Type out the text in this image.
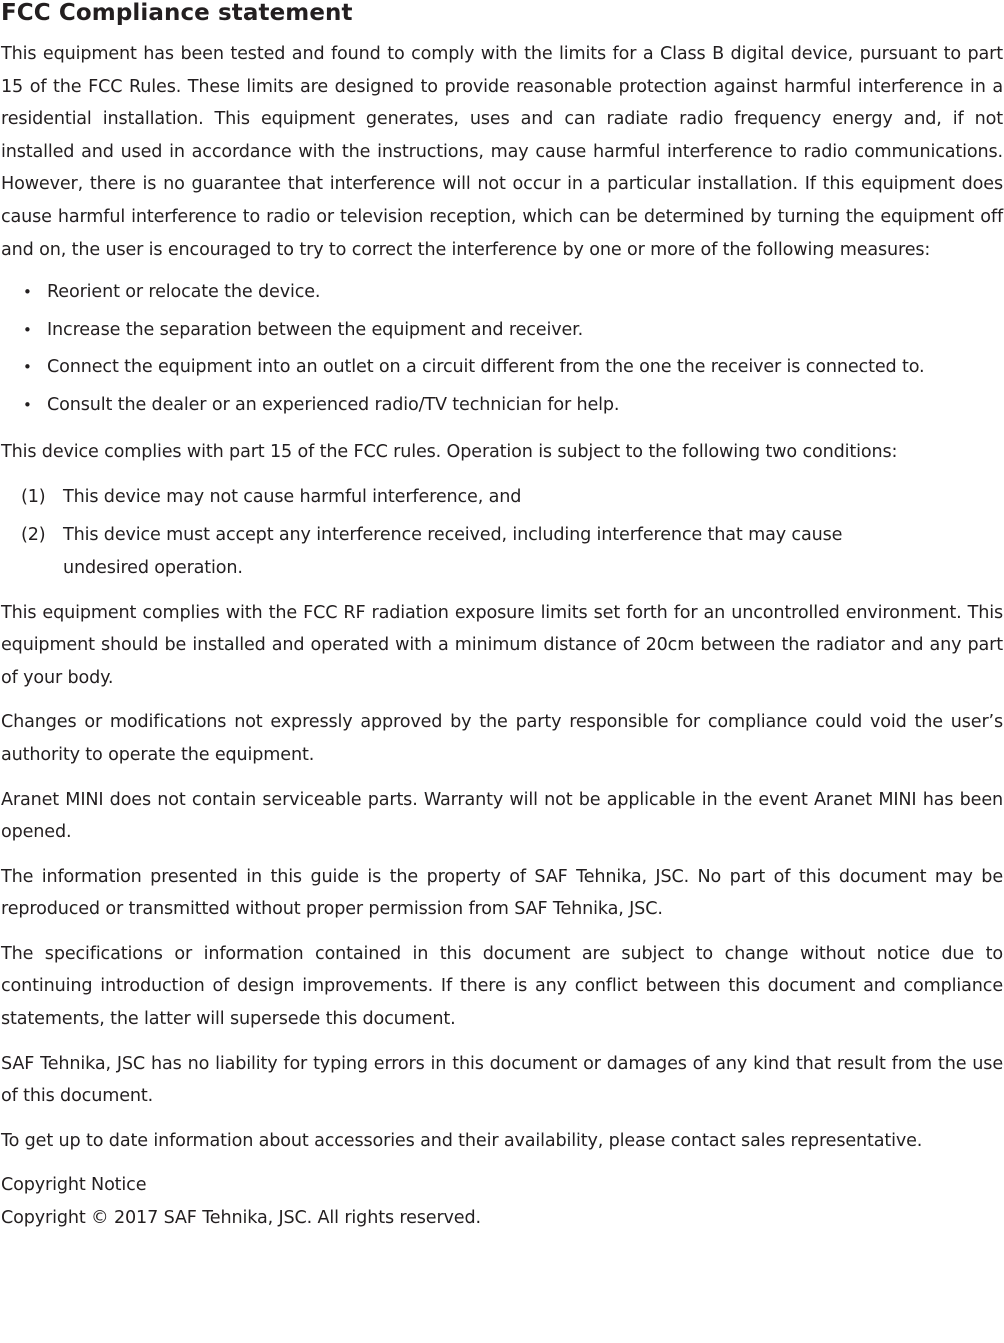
FCC Compliance statement

This equipment has been tested and found to comply with the limits for a Class B digital device, pursuant to part 15 of the FCC Rules. These limits are designed to provide reasonable protection against harmful interference in a residential installation. This equipment generates, uses and can radiate radio frequency energy and, if not installed and used in accordance with the instructions, may cause harmful interference to radio communications. However, there is no guarantee that interference will not occur in a particular installation. If this equipment does cause harmful interference to radio or television reception, which can be determined by turning the equipment off and on, the user is encouraged to try to correct the interference by one or more of the following measures:

• Reorient or relocate the device.
• Increase the separation between the equipment and receiver.
• Connect the equipment into an outlet on a circuit different from the one the receiver is connected to.
• Consult the dealer or an experienced radio/TV technician for help.

This device complies with part 15 of the FCC rules. Operation is subject to the following two conditions:

(1) This device may not cause harmful interference, and
(2) This device must accept any interference received, including interference that may cause undesired operation.

This equipment complies with the FCC RF radiation exposure limits set forth for an uncontrolled environment. This equipment should be installed and operated with a minimum distance of 20cm between the radiator and any part of your body.

Changes or modifications not expressly approved by the party responsible for compliance could void the user’s authority to operate the equipment.

Aranet MINI does not contain serviceable parts. Warranty will not be applicable in the event Aranet MINI has been opened.

The information presented in this guide is the property of SAF Tehnika, JSC. No part of this document may be reproduced or transmitted without proper permission from SAF Tehnika, JSC.

The specifications or information contained in this document are subject to change without notice due to continuing introduction of design improvements. If there is any conflict between this document and compliance statements, the latter will supersede this document.

SAF Tehnika, JSC has no liability for typing errors in this document or damages of any kind that result from the use of this document.

To get up to date information about accessories and their availability, please contact sales representative.

Copyright Notice

Copyright © 2017 SAF Tehnika, JSC. All rights reserved.
